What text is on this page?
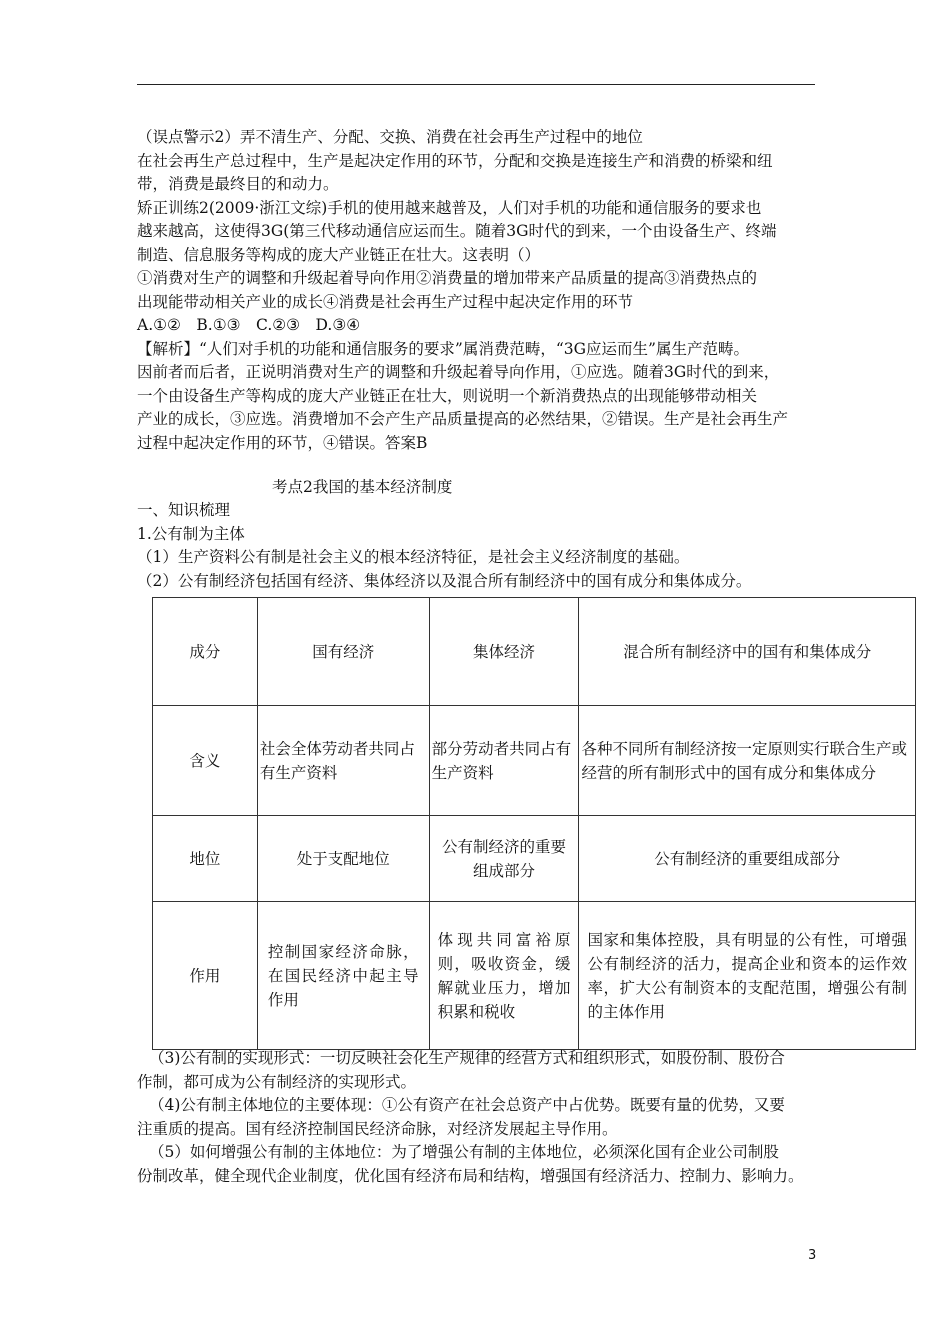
（误点警示2）弄不清生产、分配、交换、消费在社会再生产过程中的地位

在社会再生产总过程中，生产是起决定作用的环节，分配和交换是连接生产和消费的桥梁和纽

带，消费是最终目的和动力。

矫正训练2(2009·浙江文综)手机的使用越来越普及，人们对手机的功能和通信服务的要求也

越来越高，这使得3G(第三代移动通信应运而生。随着3G时代的到来，一个由设备生产、终端

制造、信息服务等构成的庞大产业链正在壮大。这表明（）

①消费对生产的调整和升级起着导向作用②消费量的增加带来产品质量的提高③消费热点的

出现能带动相关产业的成长④消费是社会再生产过程中起决定作用的环节

A.①②　B.①③　C.②③　D.③④

【解析】“人们对手机的功能和通信服务的要求”属消费范畴，“3G应运而生”属生产范畴。

因前者而后者，正说明消费对生产的调整和升级起着导向作用，①应选。随着3G时代的到来，

一个由设备生产等构成的庞大产业链正在壮大，则说明一个新消费热点的出现能够带动相关

产业的成长，③应选。消费增加不会产生产品质量提高的必然结果，②错误。生产是社会再生产

过程中起决定作用的环节，④错误。答案B

考点2我国的基本经济制度

一、知识梳理

1.公有制为主体

（1）生产资料公有制是社会主义的根本经济特征，是社会主义经济制度的基础。

（2）公有制经济包括国有经济、集体经济以及混合所有制经济中的国有成分和集体成分。

成分	国有经济	集体经济	混合所有制经济中的国有和集体成分
含义	社会全体劳动者共同占有生产资料	部分劳动者共同占有生产资料	各种不同所有制经济按一定原则实行联合生产或经营的所有制形式中的国有成分和集体成分
地位	处于支配地位	公有制经济的重要组成部分	公有制经济的重要组成部分
作用	控制国家经济命脉，在国民经济中起主导作用	体现共同富裕原则，吸收资金，缓解就业压力，增加积累和税收	国家和集体控股，具有明显的公有性，可增强公有制经济的活力，提高企业和资本的运作效率，扩大公有制资本的支配范围，增强公有制的主体作用

（3)公有制的实现形式：一切反映社会化生产规律的经营方式和组织形式，如股份制、股份合

作制，都可成为公有制经济的实现形式。

（4)公有制主体地位的主要体现：①公有资产在社会总资产中占优势。既要有量的优势，又要

注重质的提高。国有经济控制国民经济命脉，对经济发展起主导作用。

（5）如何增强公有制的主体地位：为了增强公有制的主体地位，必须深化国有企业公司制股

份制改革，健全现代企业制度，优化国有经济布局和结构，增强国有经济活力、控制力、影响力。

3
